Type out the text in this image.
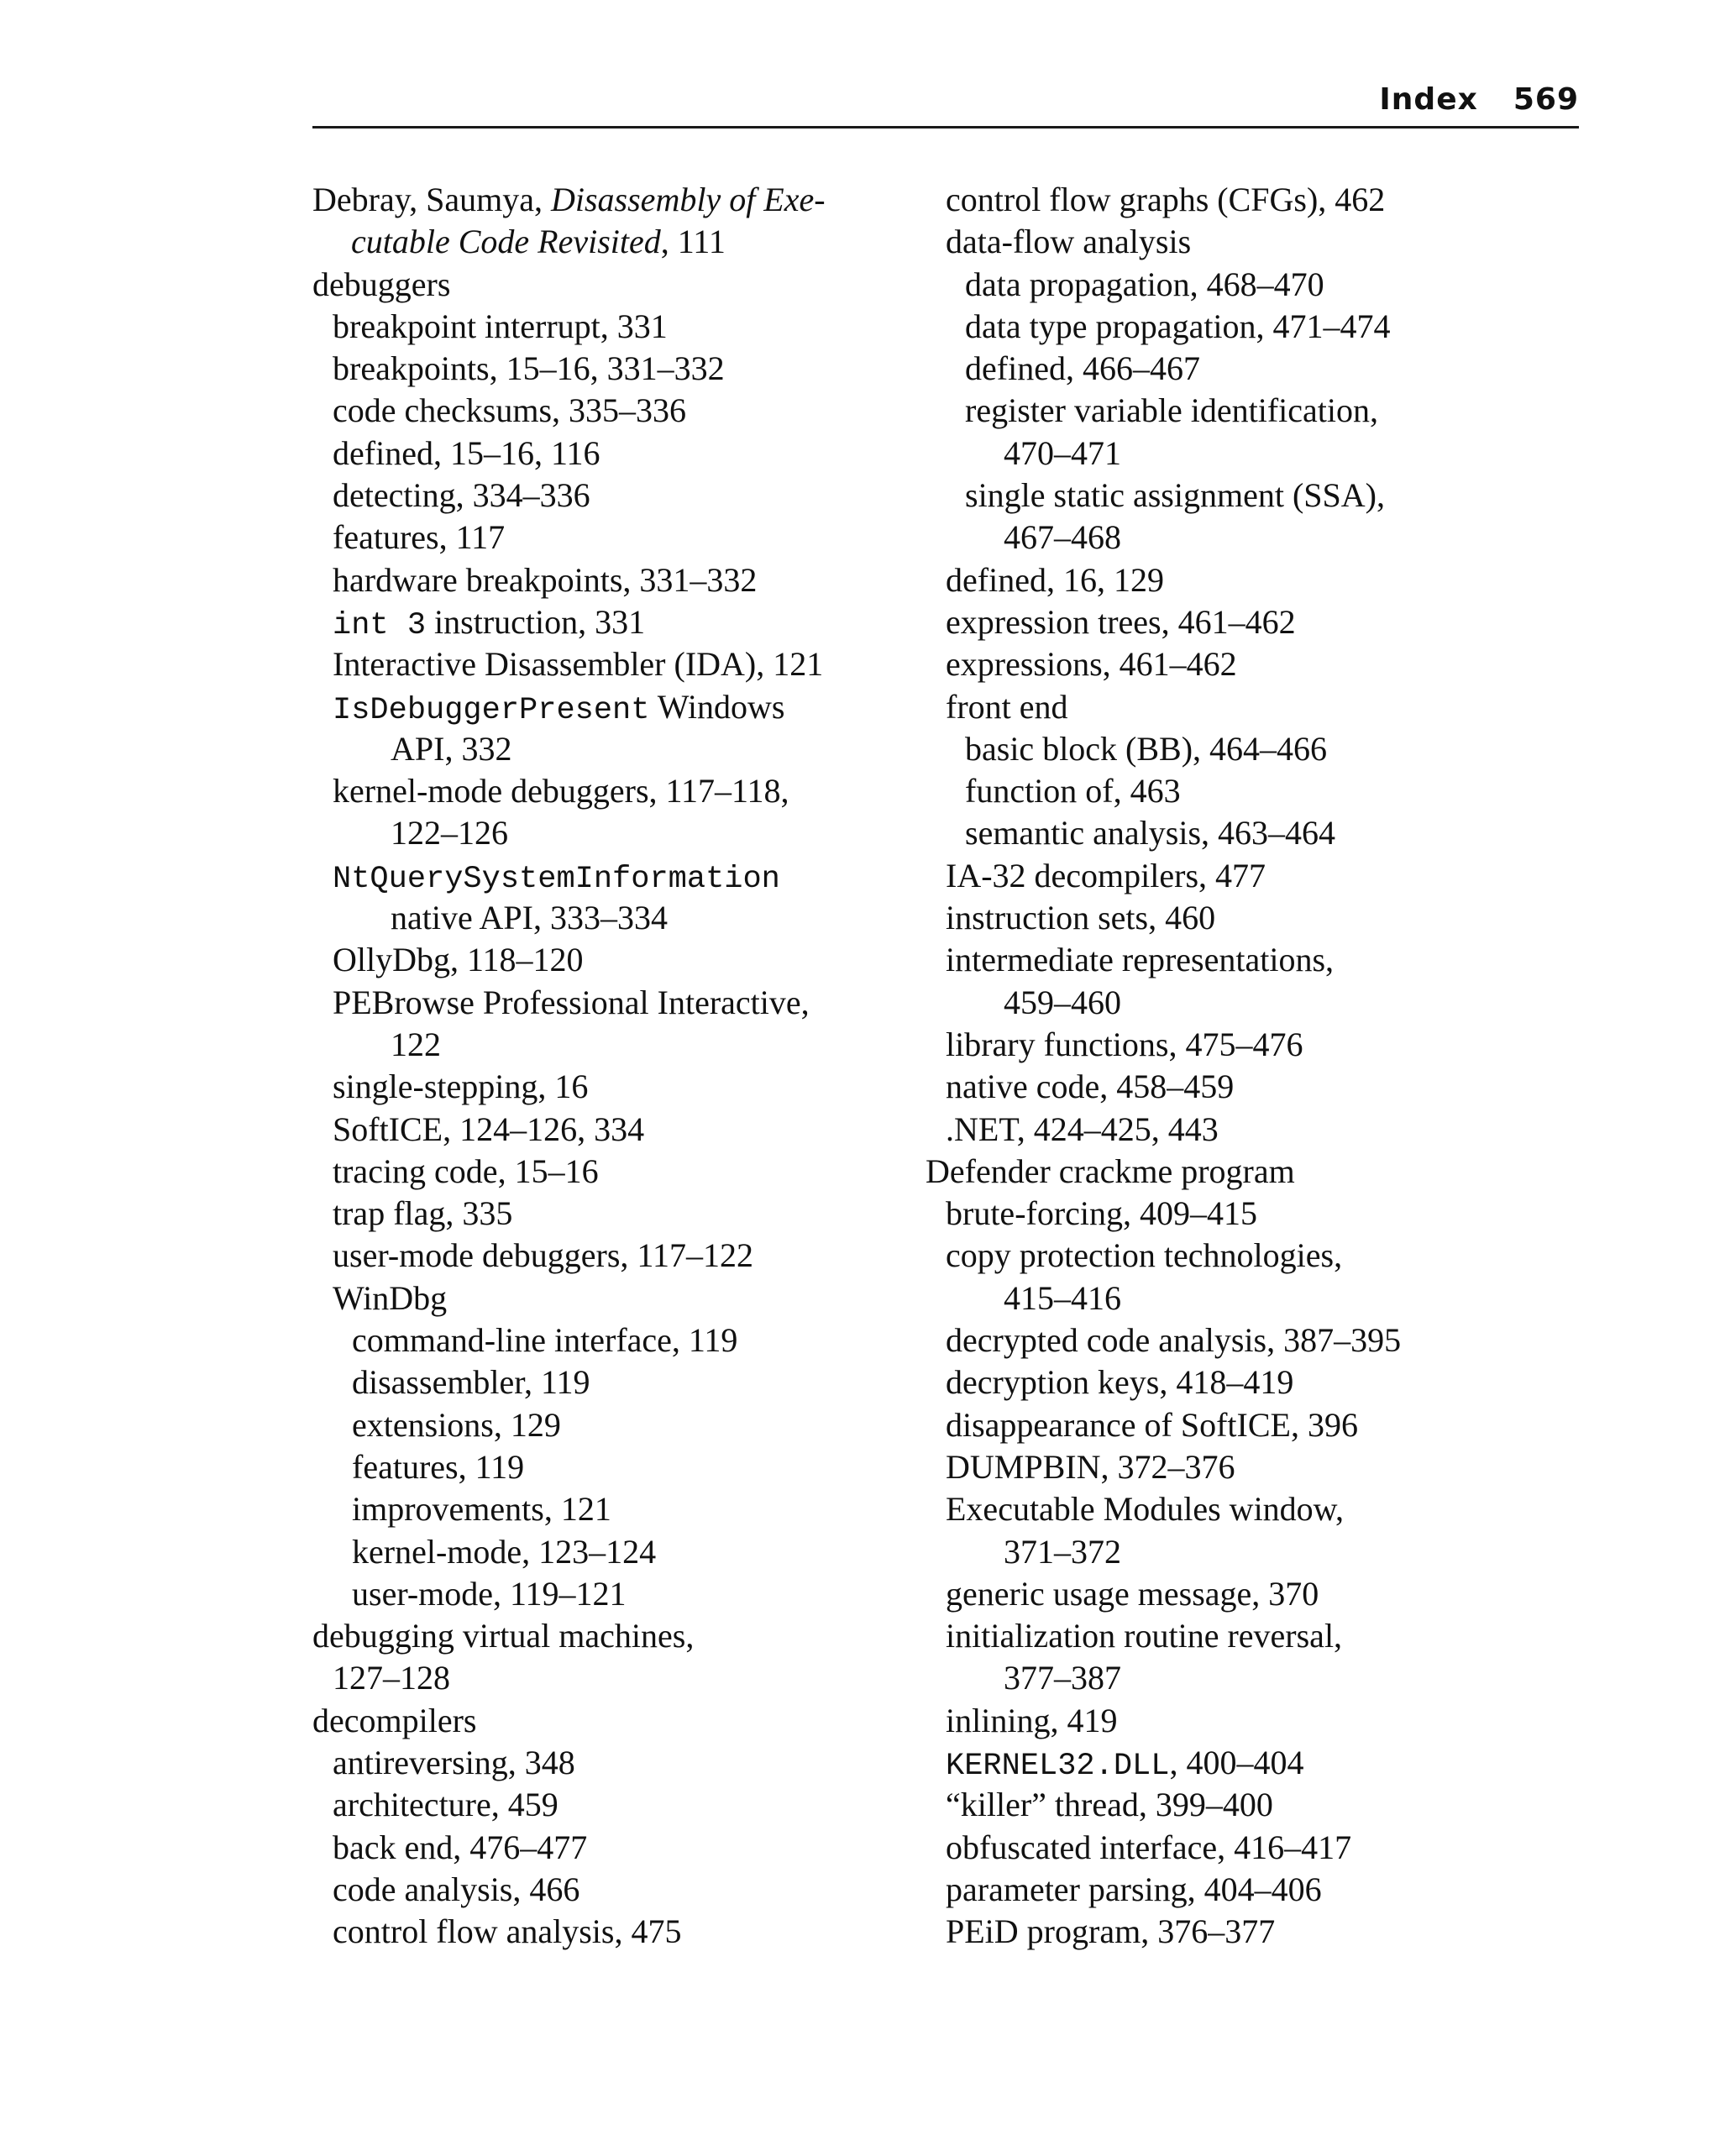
Index 569
Debray, Saumya, Disassembly of Exe-
cutable Code Revisited, 111
debuggers
breakpoint interrupt, 331
breakpoints, 15–16, 331–332
code checksums, 335–336
defined, 15–16, 116
detecting, 334–336
features, 117
hardware breakpoints, 331–332
int 3 instruction, 331
Interactive Disassembler (IDA), 121
IsDebuggerPresent Windows
API, 332
kernel-mode debuggers, 117–118,
122–126
NtQuerySystemInformation
native API, 333–334
OllyDbg, 118–120
PEBrowse Professional Interactive,
122
single-stepping, 16
SoftICE, 124–126, 334
tracing code, 15–16
trap flag, 335
user-mode debuggers, 117–122
WinDbg
command-line interface, 119
disassembler, 119
extensions, 129
features, 119
improvements, 121
kernel-mode, 123–124
user-mode, 119–121
debugging virtual machines,
127–128
decompilers
antireversing, 348
architecture, 459
back end, 476–477
code analysis, 466
control flow analysis, 475
control flow graphs (CFGs), 462
data-flow analysis
data propagation, 468–470
data type propagation, 471–474
defined, 466–467
register variable identification,
470–471
single static assignment (SSA),
467–468
defined, 16, 129
expression trees, 461–462
expressions, 461–462
front end
basic block (BB), 464–466
function of, 463
semantic analysis, 463–464
IA-32 decompilers, 477
instruction sets, 460
intermediate representations,
459–460
library functions, 475–476
native code, 458–459
.NET, 424–425, 443
Defender crackme program
brute-forcing, 409–415
copy protection technologies,
415–416
decrypted code analysis, 387–395
decryption keys, 418–419
disappearance of SoftICE, 396
DUMPBIN, 372–376
Executable Modules window,
371–372
generic usage message, 370
initialization routine reversal,
377–387
inlining, 419
KERNEL32.DLL, 400–404
“killer” thread, 399–400
obfuscated interface, 416–417
parameter parsing, 404–406
PEiD program, 376–377
